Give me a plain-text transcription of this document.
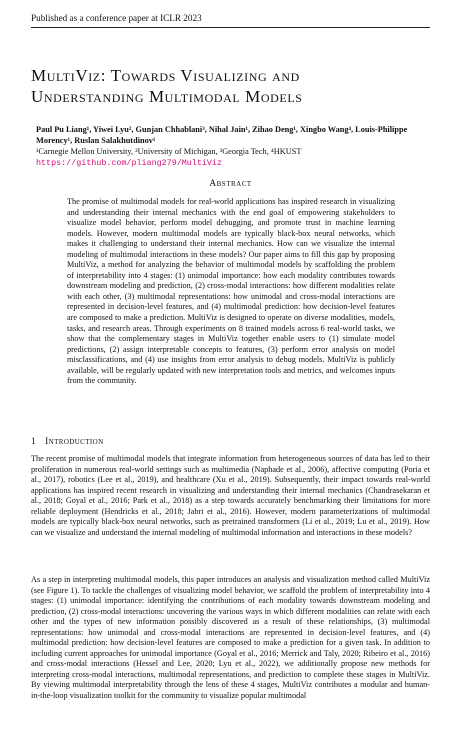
Published as a conference paper at ICLR 2023
MultiViz: Towards Visualizing and
Understanding Multimodal Models
Paul Pu Liang¹, Yiwei Lyu², Gunjan Chhablani³, Nihal Jain¹, Zihao Deng¹, Xingbo Wang⁴, Louis-Philippe Morency¹, Ruslan Salakhutdinov¹
¹Carnegie Mellon University, ²University of Michigan, ³Georgia Tech, ⁴HKUST
https://github.com/pliang279/MultiViz
Abstract

The promise of multimodal models for real-world applications has inspired research in visualizing and understanding their internal mechanics with the end goal of empowering stakeholders to visualize model behavior, perform model debugging, and promote trust in machine learning models. However, modern multimodal models are typically black-box neural networks, which makes it challenging to understand their internal mechanics. How can we visualize the internal modeling of multimodal interactions in these models? Our paper aims to fill this gap by proposing MultiViz, a method for analyzing the behavior of multimodal models by scaffolding the problem of interpretability into 4 stages: (1) unimodal importance: how each modality contributes towards downstream modeling and prediction, (2) cross-modal interactions: how different modalities relate with each other, (3) multimodal representations: how unimodal and cross-modal interactions are represented in decision-level features, and (4) multimodal prediction: how decision-level features are composed to make a prediction. MultiViz is designed to operate on diverse modalities, models, tasks, and research areas. Through experiments on 8 trained models across 6 real-world tasks, we show that the complementary stages in MultiViz together enable users to (1) simulate model predictions, (2) assign interpretable concepts to features, (3) perform error analysis on model misclassifications, and (4) use insights from error analysis to debug models. MultiViz is publicly available, will be regularly updated with new interpretation tools and metrics, and welcomes inputs from the community.

1 Introduction

The recent promise of multimodal models that integrate information from heterogeneous sources of data has led to their proliferation in numerous real-world settings such as multimedia (Naphade et al., 2006), affective computing (Poria et al., 2017), robotics (Lee et al., 2019), and healthcare (Xu et al., 2019). Subsequently, their impact towards real-world applications has inspired recent research in visualizing and understanding their internal mechanics (Chandrasekaran et al., 2018; Goyal et al., 2016; Park et al., 2018) as a step towards accurately benchmarking their limitations for more reliable deployment (Hendricks et al., 2018; Jabri et al., 2016). However, modern parameterizations of multimodal models are typically black-box neural networks, such as pretrained transformers (Li et al., 2019; Lu et al., 2019). How can we visualize and understand the internal modeling of multimodal information and interactions in these models?

As a step in interpreting multimodal models, this paper introduces an analysis and visualization method called MultiViz (see Figure 1). To tackle the challenges of visualizing model behavior, we scaffold the problem of interpretability into 4 stages: (1) unimodal importance: identifying the contributions of each modality towards downstream modeling and prediction, (2) cross-modal interactions: uncovering the various ways in which different modalities can relate with each other and the types of new information possibly discovered as a result of these relationships, (3) multimodal representations: how unimodal and cross-modal interactions are represented in decision-level features, and (4) multimodal prediction: how decision-level features are composed to make a prediction for a given task. In addition to including current approaches for unimodal importance (Goyal et al., 2016; Merrick and Taly, 2020; Ribeiro et al., 2016) and cross-modal interactions (Hessel and Lee, 2020; Lyu et al., 2022), we additionally propose new methods for interpreting cross-modal interactions, multimodal representations, and prediction to complete these stages in MultiViz. By viewing multimodal interpretability through the lens of these 4 stages, MultiViz contributes a modular and human-in-the-loop visualization toolkit for the community to visualize popular multimodal
